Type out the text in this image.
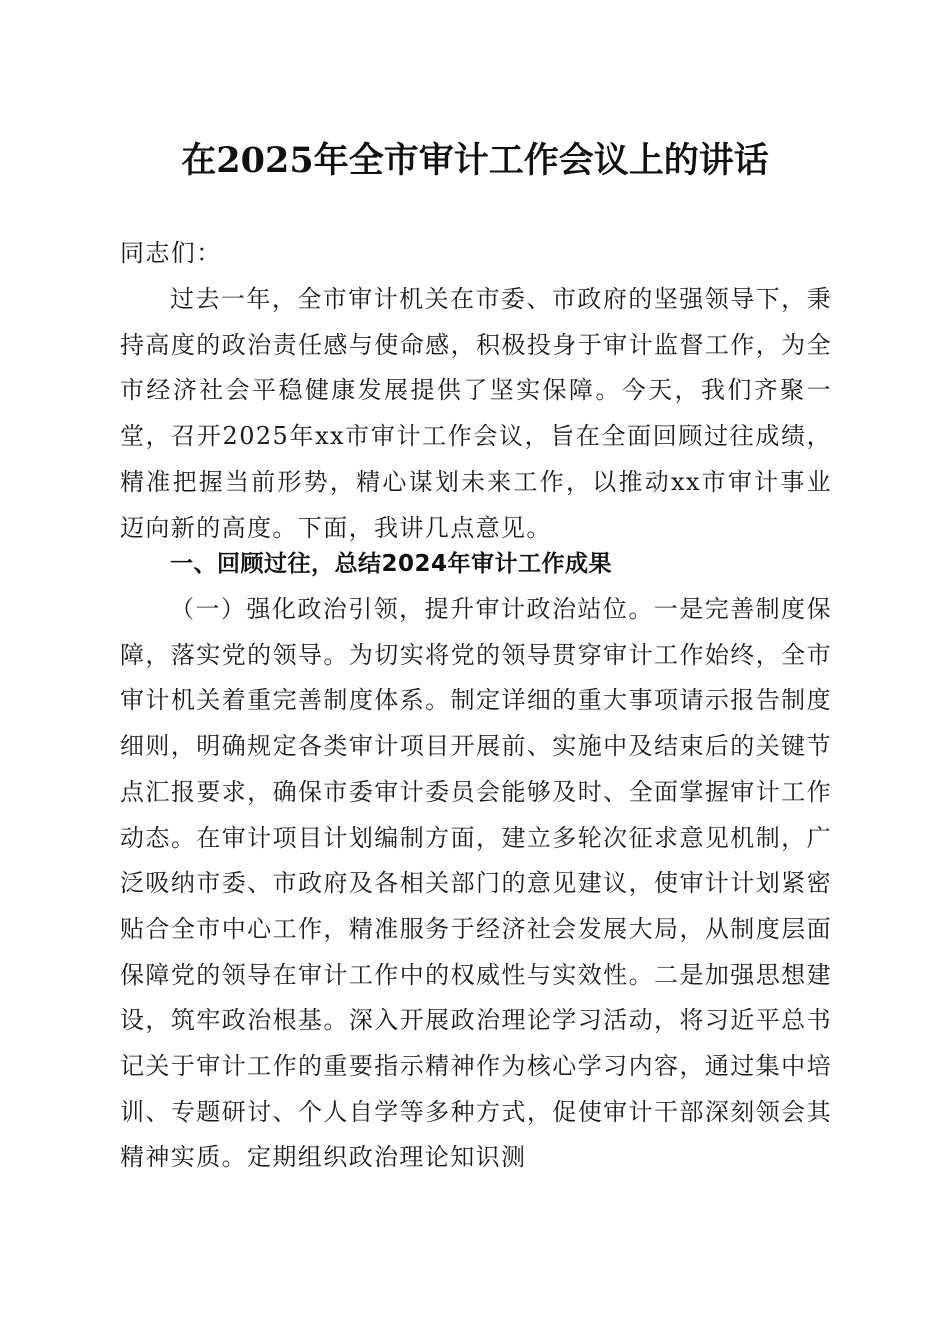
在2025年全市审计工作会议上的讲话
同志们：
过去一年，全市审计机关在市委、市政府的坚强领导下，秉持高度的政治责任感与使命感，积极投身于审计监督工作，为全市经济社会平稳健康发展提供了坚实保障。今天，我们齐聚一堂，召开2025年xx市审计工作会议，旨在全面回顾过往成绩，精准把握当前形势，精心谋划未来工作，以推动xx市审计事业迈向新的高度。下面，我讲几点意见。
一、回顾过往，总结2024年审计工作成果
（一）强化政治引领，提升审计政治站位。一是完善制度保障，落实党的领导。为切实将党的领导贯穿审计工作始终，全市审计机关着重完善制度体系。制定详细的重大事项请示报告制度细则，明确规定各类审计项目开展前、实施中及结束后的关键节点汇报要求，确保市委审计委员会能够及时、全面掌握审计工作动态。在审计项目计划编制方面，建立多轮次征求意见机制，广泛吸纳市委、市政府及各相关部门的意见建议，使审计计划紧密贴合全市中心工作，精准服务于经济社会发展大局，从制度层面保障党的领导在审计工作中的权威性与实效性。二是加强思想建设，筑牢政治根基。深入开展政治理论学习活动，将习近平总书记关于审计工作的重要指示精神作为核心学习内容，通过集中培训、专题研讨、个人自学等多种方式，促使审计干部深刻领会其精神实质。定期组织政治理论知识测
